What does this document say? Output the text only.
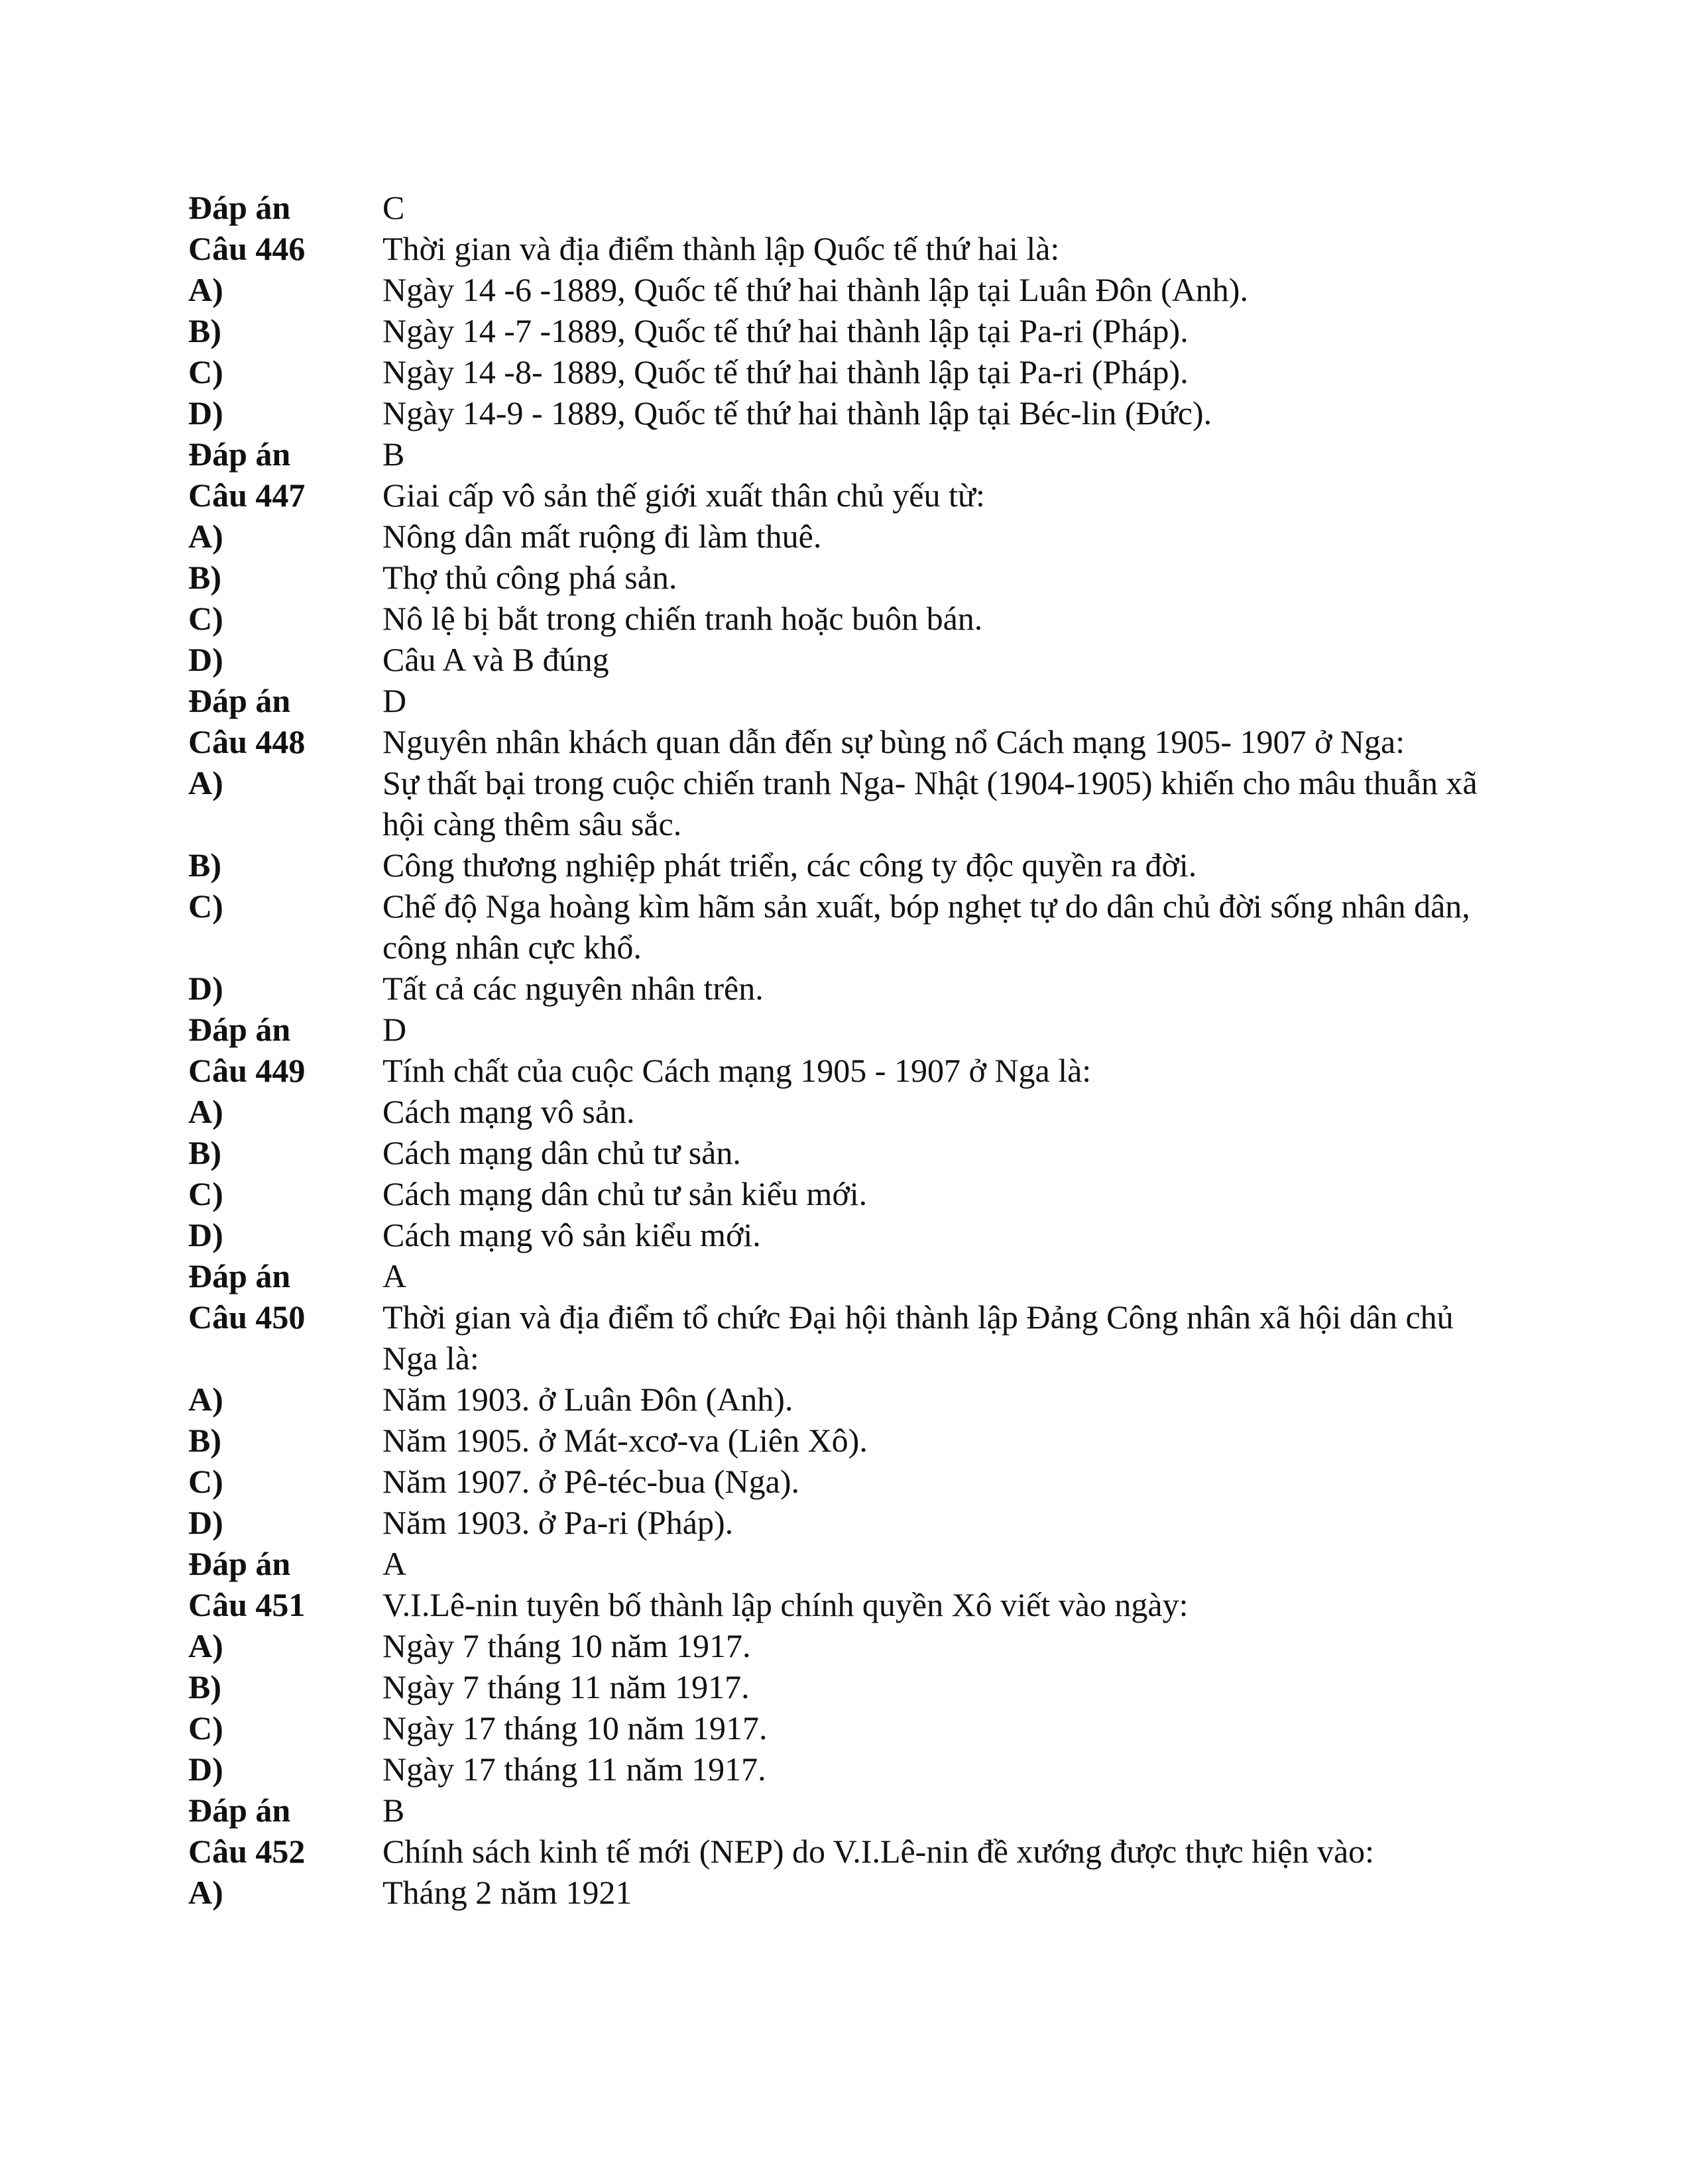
Đáp án	C
Câu 446	Thời gian và địa điểm thành lập Quốc tế thứ hai là:
A)	Ngày 14 -6 -1889, Quốc tế thứ hai thành lập tại Luân Đôn (Anh).
B)	Ngày 14 -7 -1889, Quốc tế thứ hai thành lập tại Pa-ri (Pháp).
C)	Ngày 14 -8- 1889, Quốc tế thứ hai thành lập tại Pa-ri (Pháp).
D)	Ngày 14-9 - 1889, Quốc tế thứ hai thành lập tại Béc-lin (Đức).
Đáp án	B
Câu 447	Giai cấp vô sản thế giới xuất thân chủ yếu từ:
A)	Nông dân mất ruộng đi làm thuê.
B)	Thợ thủ công phá sản.
C)	Nô lệ bị bắt trong chiến tranh hoặc buôn bán.
D)	Câu A và B đúng
Đáp án	D
Câu 448	Nguyên nhân khách quan dẫn đến sự bùng nổ Cách mạng 1905- 1907 ở Nga:
A)	Sự thất bại trong cuộc chiến tranh Nga- Nhật (1904-1905) khiến cho mâu thuẫn xã hội càng thêm sâu sắc.
B)	Công thương nghiệp phát triển, các công ty độc quyền ra đời.
C)	Chế độ Nga hoàng kìm hãm sản xuất, bóp nghẹt tự do dân chủ đời sống nhân dân, công nhân cực khổ.
D)	Tất cả các nguyên nhân trên.
Đáp án	D
Câu 449	Tính chất của cuộc Cách mạng 1905 - 1907 ở Nga là:
A)	Cách mạng vô sản.
B)	Cách mạng dân chủ tư sản.
C)	Cách mạng dân chủ tư sản kiểu mới.
D)	Cách mạng vô sản kiểu mới.
Đáp án	A
Câu 450	Thời gian và địa điểm tổ chức Đại hội thành lập Đảng Công nhân xã hội dân chủ Nga là:
A)	Năm 1903. ở Luân Đôn (Anh).
B)	Năm 1905. ở Mát-xcơ-va (Liên Xô).
C)	Năm 1907. ở Pê-téc-bua (Nga).
D)	Năm 1903. ở Pa-ri (Pháp).
Đáp án	A
Câu 451	V.I.Lê-nin tuyên bố thành lập chính quyền Xô viết vào ngày:
A)	Ngày 7 tháng 10 năm 1917.
B)	Ngày 7 tháng 11 năm 1917.
C)	Ngày 17 tháng 10 năm 1917.
D)	Ngày 17 tháng 11 năm 1917.
Đáp án	B
Câu 452	Chính sách kinh tế mới (NEP) do V.I.Lê-nin đề xướng được thực hiện vào:
A)	Tháng 2 năm 1921
